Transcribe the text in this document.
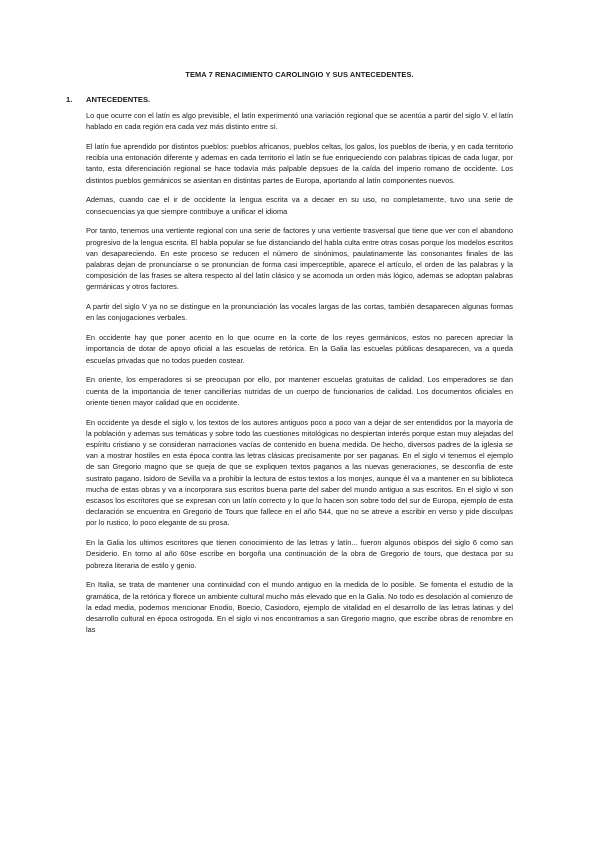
TEMA 7 RENACIMIENTO CAROLINGIO Y SUS ANTECEDENTES.
1.	ANTECEDENTES.

Lo que ocurre con el latín es algo previsible, el latín experimentó una variación regional que se acentúa a partir del siglo V. el latín hablado en cada región era cada vez más distinto entre sí.

El latín fue aprendido por distintos pueblos: pueblos africanos, pueblos celtas, los galos, los pueblos de iberia, y en cada territorio recibía una entonación diferente y ademas en cada territorio el latín se fue enriqueciendo con palabras típicas de cada lugar, por tanto, esta diferenciación regional se hace todavía más palpable depsues de la caída del imperio romano de occidente. Los distintos pueblos germánicos se asientan en distintas partes de Europa, aportando al latín componentes nuevos.

Ademas, cuando cae el ir de occidente la lengua escrita va a decaer en su uso, no completamente, tuvo una serie de consecuencias ya que siempre contribuye a unificar el idioma

Por tanto, tenemos una vertiente regional con una serie de factores y una vertiente trasversal que tiene que ver con el abandono progresivo de la lengua escrita. El habla popular se fue distanciando del habla culta entre otras cosas porque los modelos escritos van desapareciendo. En este proceso se reducen el número de sinónimos, paulatinamente las consonantes finales de las palabras dejan de pronunciarse o se pronuncian de forma casi imperceptible, aparece el artículo, el orden de las palabras y la composición de las frases se altera respecto al del latín clásico y se acomoda un orden más lógico, ademas se adoptan palabras germánicas y otros factores.

A partir del siglo V ya no se distingue en la pronunciación las vocales largas de las cortas, también desaparecen algunas formas en las conjugaciones verbales.

En occidente hay que poner acento en lo que ocurre en la corte de los reyes germánicos, estos no parecen apreciar la importancia de dotar de apoyo oficial a las escuelas de retórica. En la Galia las escuelas públicas desaparecen, va a queda escuelas privadas que no todos pueden costear.

En oriente, los emperadores si se preocupan por ello, por mantener escuelas gratuitas de calidad. Los emperadores se dan cuenta de la importancia de tener cancillerías nutridas de un cuerpo de funcionarios de calidad. Los documentos oficiales en oriente tienen mayor calidad que en occidente.

En occidente ya desde el siglo v, los textos de los autores antiguos poco a poco van a dejar de ser entendidos por la mayoría de la población y ademas sus temáticas y sobre todo las cuestiones mitológicas no despiertan interés porque estan muy alejadas del espíritu cristiano y se consideran narraciones vacías de contenido en buena medida. De hecho, diversos padres de la iglesia se van a mostrar hostiles en esta época contra las letras clásicas precisamente por ser paganas. En el siglo vi tenemos el ejemplo de san Gregorio magno que se queja de que se expliquen textos paganos a las nuevas generaciones, se desconfía de este sustrato pagano. Isidoro de Sevilla va a prohibir la lectura de estos textos a los monjes, aunque él va a mantener en su biblioteca mucha de estas obras y va a incorporara sus escritos buena parte del saber del mundo antiguo a sus escritos. En el siglo vi son escasos los escritores que se expresan con un latín correcto y lo que lo hacen son sobre todo del sur de Europa, ejemplo de esta declaración se encuentra en Gregorio de Tours que fallece en el año 544, que no se atreve a escribir en verso y pide disculpas por lo rustico, lo poco elegante de su prosa.

En la Galia los ultimos escritores que tienen conocimiento de las letras y latín... fueron algunos obispos del siglo 6 como san Desiderio. En torno al año 60se escribe en borgoña una continuación de la obra de Gregorio de tours, que destaca por su pobreza literaria de estilo y genio.

En Italia, se trata de mantener una continuidad con el mundo antiguo en la medida de lo posible. Se fomenta el estudio de la gramática, de la retórica y florece un ambiente cultural mucho más elevado que en la Galia. No todo es desolación al comienzo de la edad media, podemos mencionar Enodio, Boecio, Casiodoro, ejemplo de vitalidad en el desarrollo de las letras latinas y del desarrollo cultural en época ostrogoda. En el siglo vi nos encontramos a san Gregorio magno, que escribe obras de renombre en las
